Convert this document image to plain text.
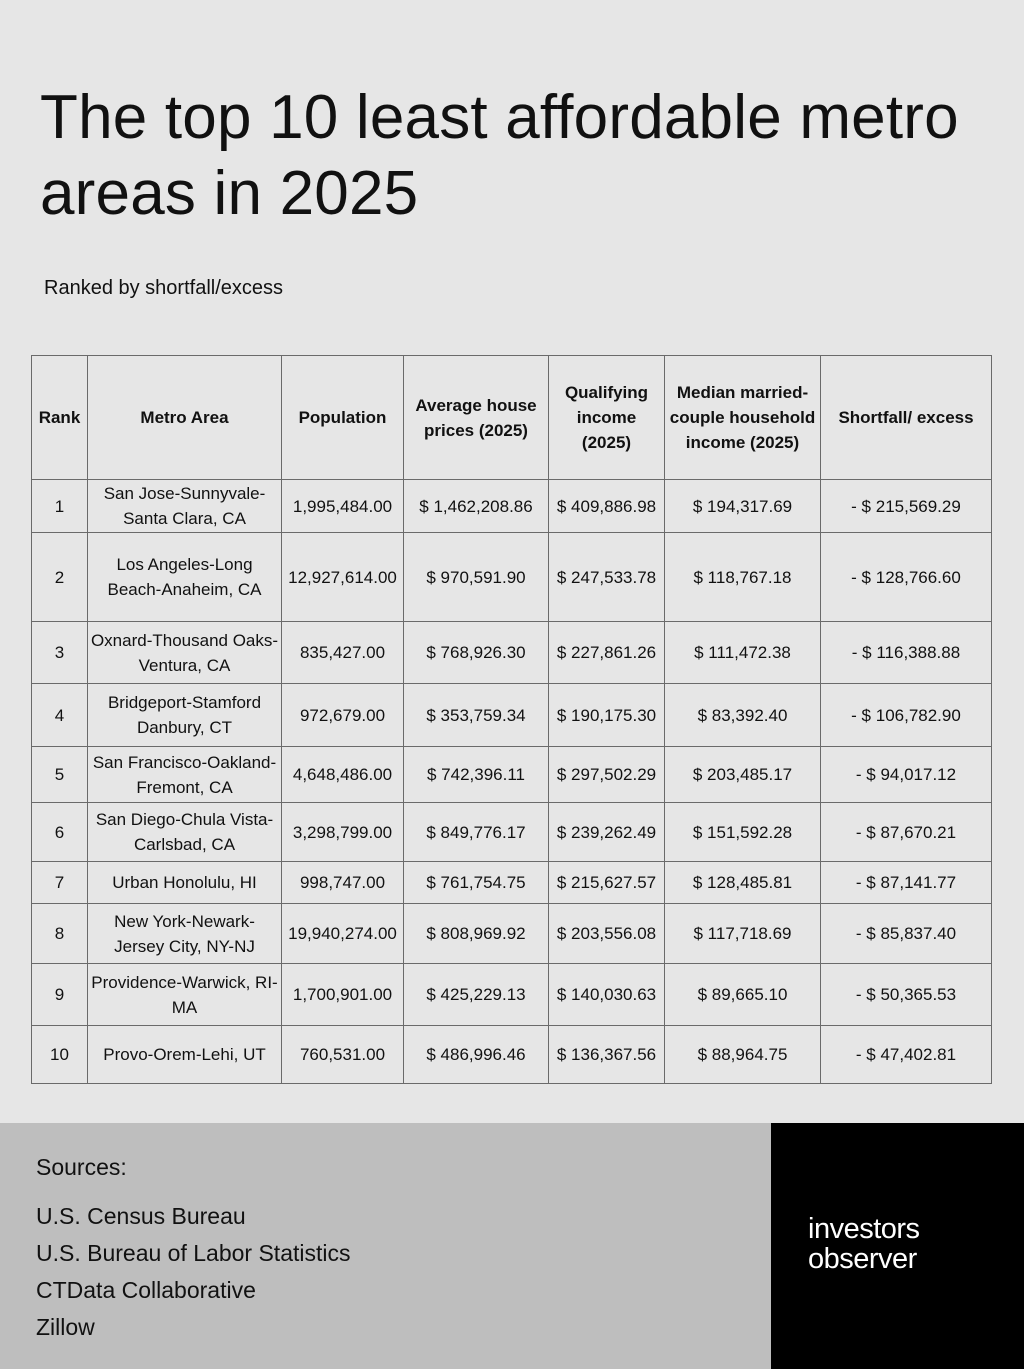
The top 10 least affordable metro areas in 2025

Ranked by shortfall/excess

Rank	Metro Area	Population	Average house prices (2025)	Qualifying income (2025)	Median married-couple household income (2025)	Shortfall/ excess
1	San Jose-Sunnyvale-Santa Clara, CA	1,995,484.00	$ 1,462,208.86	$ 409,886.98	$ 194,317.69	- $ 215,569.29
2	Los Angeles-Long Beach-Anaheim, CA	12,927,614.00	$ 970,591.90	$ 247,533.78	$ 118,767.18	- $ 128,766.60
3	Oxnard-Thousand Oaks-Ventura, CA	835,427.00	$ 768,926.30	$ 227,861.26	$ 111,472.38	- $ 116,388.88
4	Bridgeport-Stamford Danbury, CT	972,679.00	$ 353,759.34	$ 190,175.30	$ 83,392.40	- $ 106,782.90
5	San Francisco-Oakland-Fremont, CA	4,648,486.00	$ 742,396.11	$ 297,502.29	$ 203,485.17	- $ 94,017.12
6	San Diego-Chula Vista-Carlsbad, CA	3,298,799.00	$ 849,776.17	$ 239,262.49	$ 151,592.28	- $ 87,670.21
7	Urban Honolulu, HI	998,747.00	$ 761,754.75	$ 215,627.57	$ 128,485.81	- $ 87,141.77
8	New York-Newark-Jersey City, NY-NJ	19,940,274.00	$ 808,969.92	$ 203,556.08	$ 117,718.69	- $ 85,837.40
9	Providence-Warwick, RI-MA	1,700,901.00	$ 425,229.13	$ 140,030.63	$ 89,665.10	- $ 50,365.53
10	Provo-Orem-Lehi, UT	760,531.00	$ 486,996.46	$ 136,367.56	$ 88,964.75	- $ 47,402.81

Sources:

U.S. Census Bureau
U.S. Bureau of Labor Statistics
CTData Collaborative
Zillow
investors
observer
